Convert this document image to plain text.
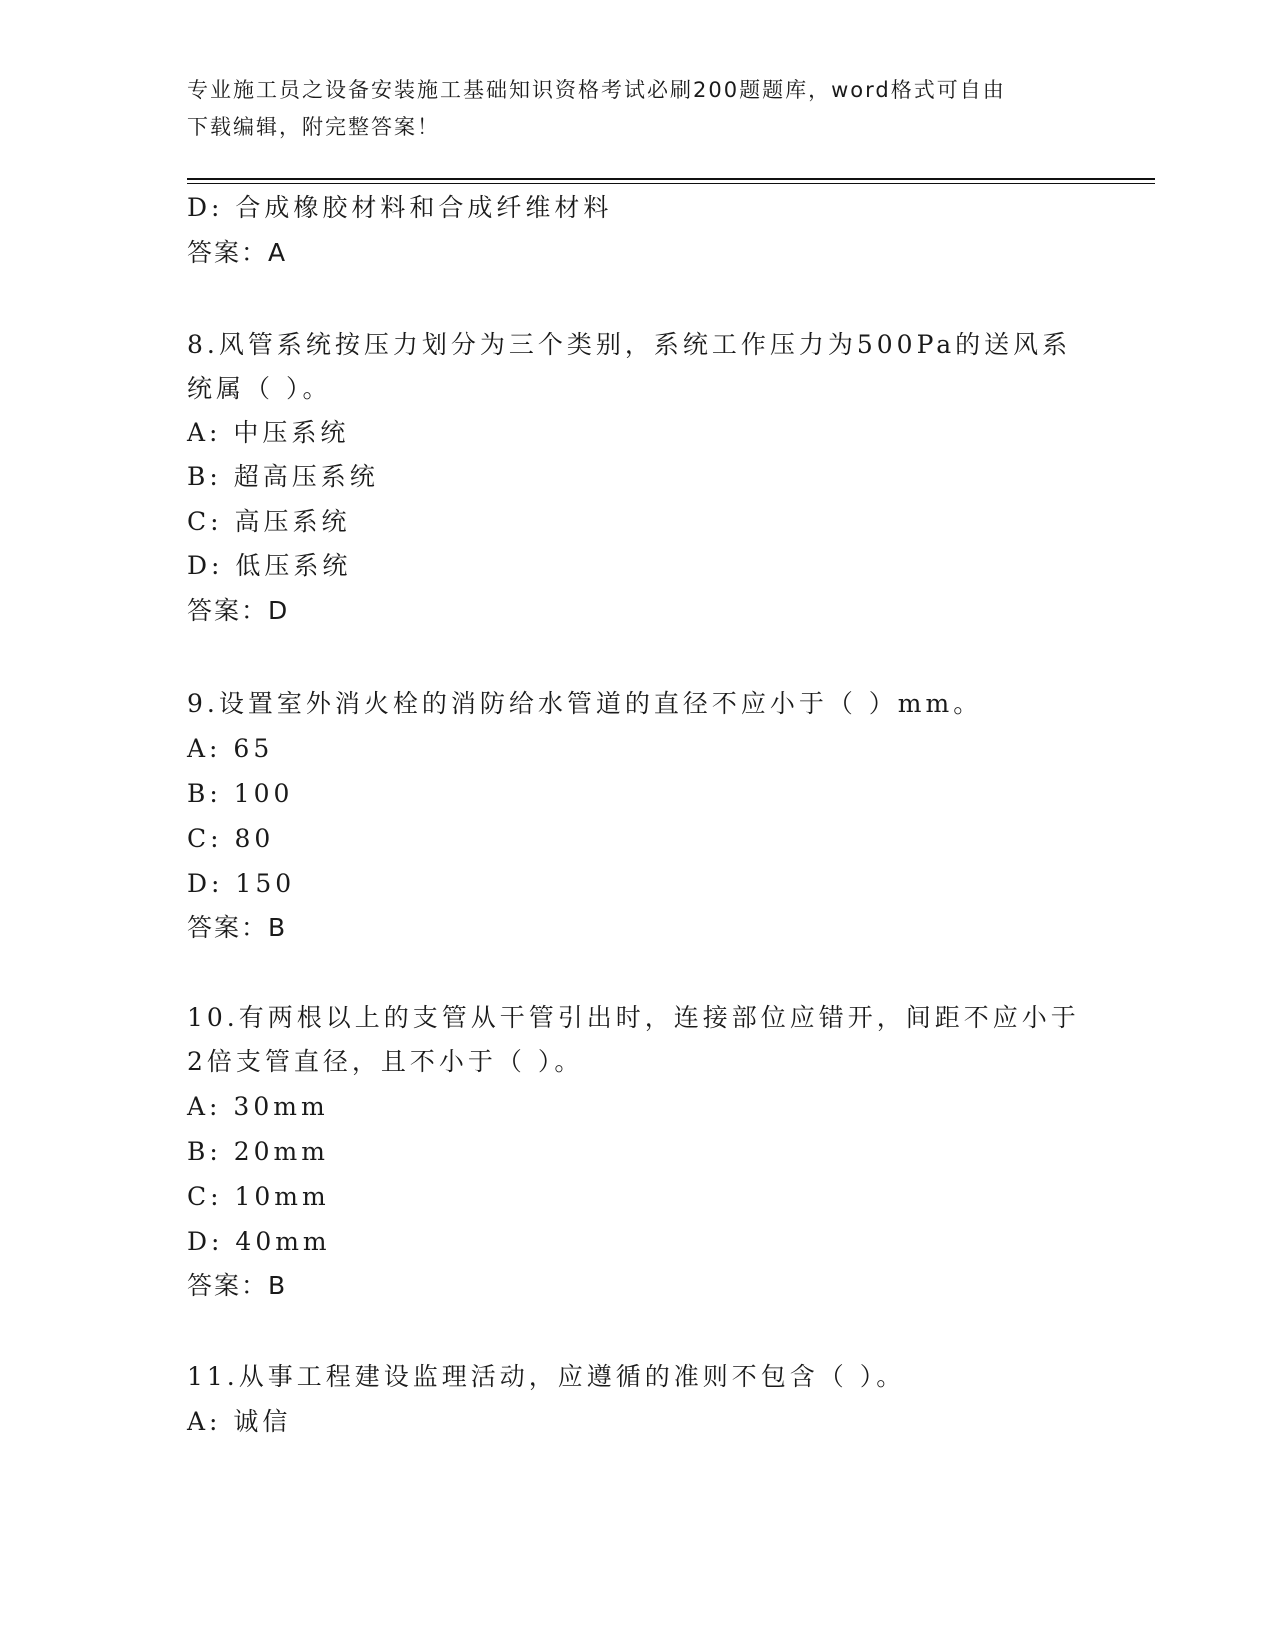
专业施工员之设备安装施工基础知识资格考试必刷200题题库，word格式可自由
下载编辑，附完整答案！
D: 合成橡胶材料和合成纤维材料
答案：A
8.风管系统按压力划分为三个类别，系统工作压力为500Pa的送风系
统属（ ）。
A: 中压系统
B: 超高压系统
C: 高压系统
D: 低压系统
答案：D
9.设置室外消火栓的消防给水管道的直径不应小于（ ）mm。
A: 65
B: 100
C: 80
D: 150
答案：B
10.有两根以上的支管从干管引出时，连接部位应错开，间距不应小于
2倍支管直径，且不小于（ ）。
A: 30mm
B: 20mm
C: 10mm
D: 40mm
答案：B
11.从事工程建设监理活动，应遵循的准则不包含（ ）。
A: 诚信
